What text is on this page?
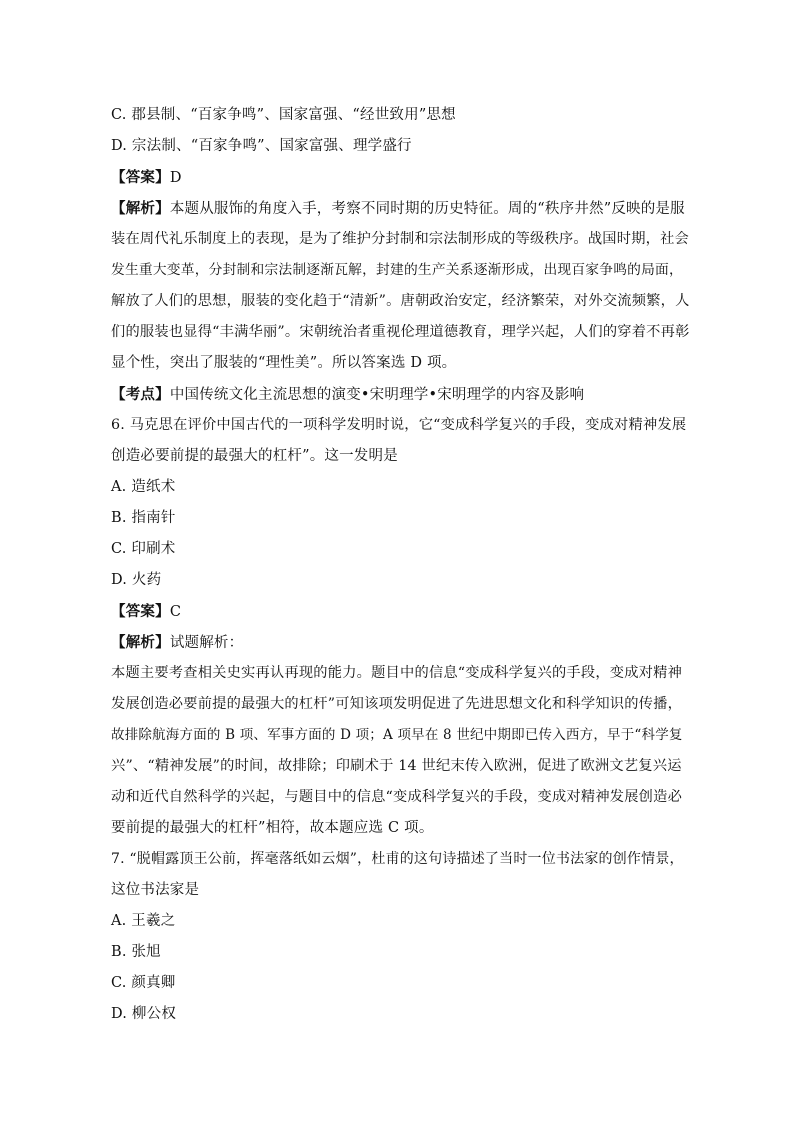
C. 郡县制、“百家争鸣”、国家富强、“经世致用”思想
D. 宗法制、“百家争鸣”、国家富强、理学盛行
【答案】D
【解析】本题从服饰的角度入手，考察不同时期的历史特征。周的“秩序井然”反映的是服
装在周代礼乐制度上的表现，是为了维护分封制和宗法制形成的等级秩序。战国时期，社会
发生重大变革，分封制和宗法制逐渐瓦解，封建的生产关系逐渐形成，出现百家争鸣的局面，
解放了人们的思想，服装的变化趋于“清新”。唐朝政治安定，经济繁荣，对外交流频繁，人
们的服装也显得“丰满华丽”。宋朝统治者重视伦理道德教育，理学兴起，人们的穿着不再彰
显个性，突出了服装的“理性美”。所以答案选 D 项。
【考点】中国传统文化主流思想的演变•宋明理学•宋明理学的内容及影响
6. 马克思在评价中国古代的一项科学发明时说，它“变成科学复兴的手段，变成对精神发展
创造必要前提的最强大的杠杆”。这一发明是
A. 造纸术
B. 指南针
C. 印刷术
D. 火药
【答案】C
【解析】试题解析：
本题主要考查相关史实再认再现的能力。题目中的信息“变成科学复兴的手段，变成对精神
发展创造必要前提的最强大的杠杆”可知该项发明促进了先进思想文化和科学知识的传播，
故排除航海方面的 B 项、军事方面的 D 项；A 项早在 8 世纪中期即已传入西方，早于“科学复
兴”、“精神发展”的时间，故排除；印刷术于 14 世纪末传入欧洲，促进了欧洲文艺复兴运
动和近代自然科学的兴起，与题目中的信息“变成科学复兴的手段，变成对精神发展创造必
要前提的最强大的杠杆”相符，故本题应选 C 项。
7. “脱帽露顶王公前，挥毫落纸如云烟”，杜甫的这句诗描述了当时一位书法家的创作情景，
这位书法家是
A. 王羲之
B. 张旭
C. 颜真卿
D. 柳公权
